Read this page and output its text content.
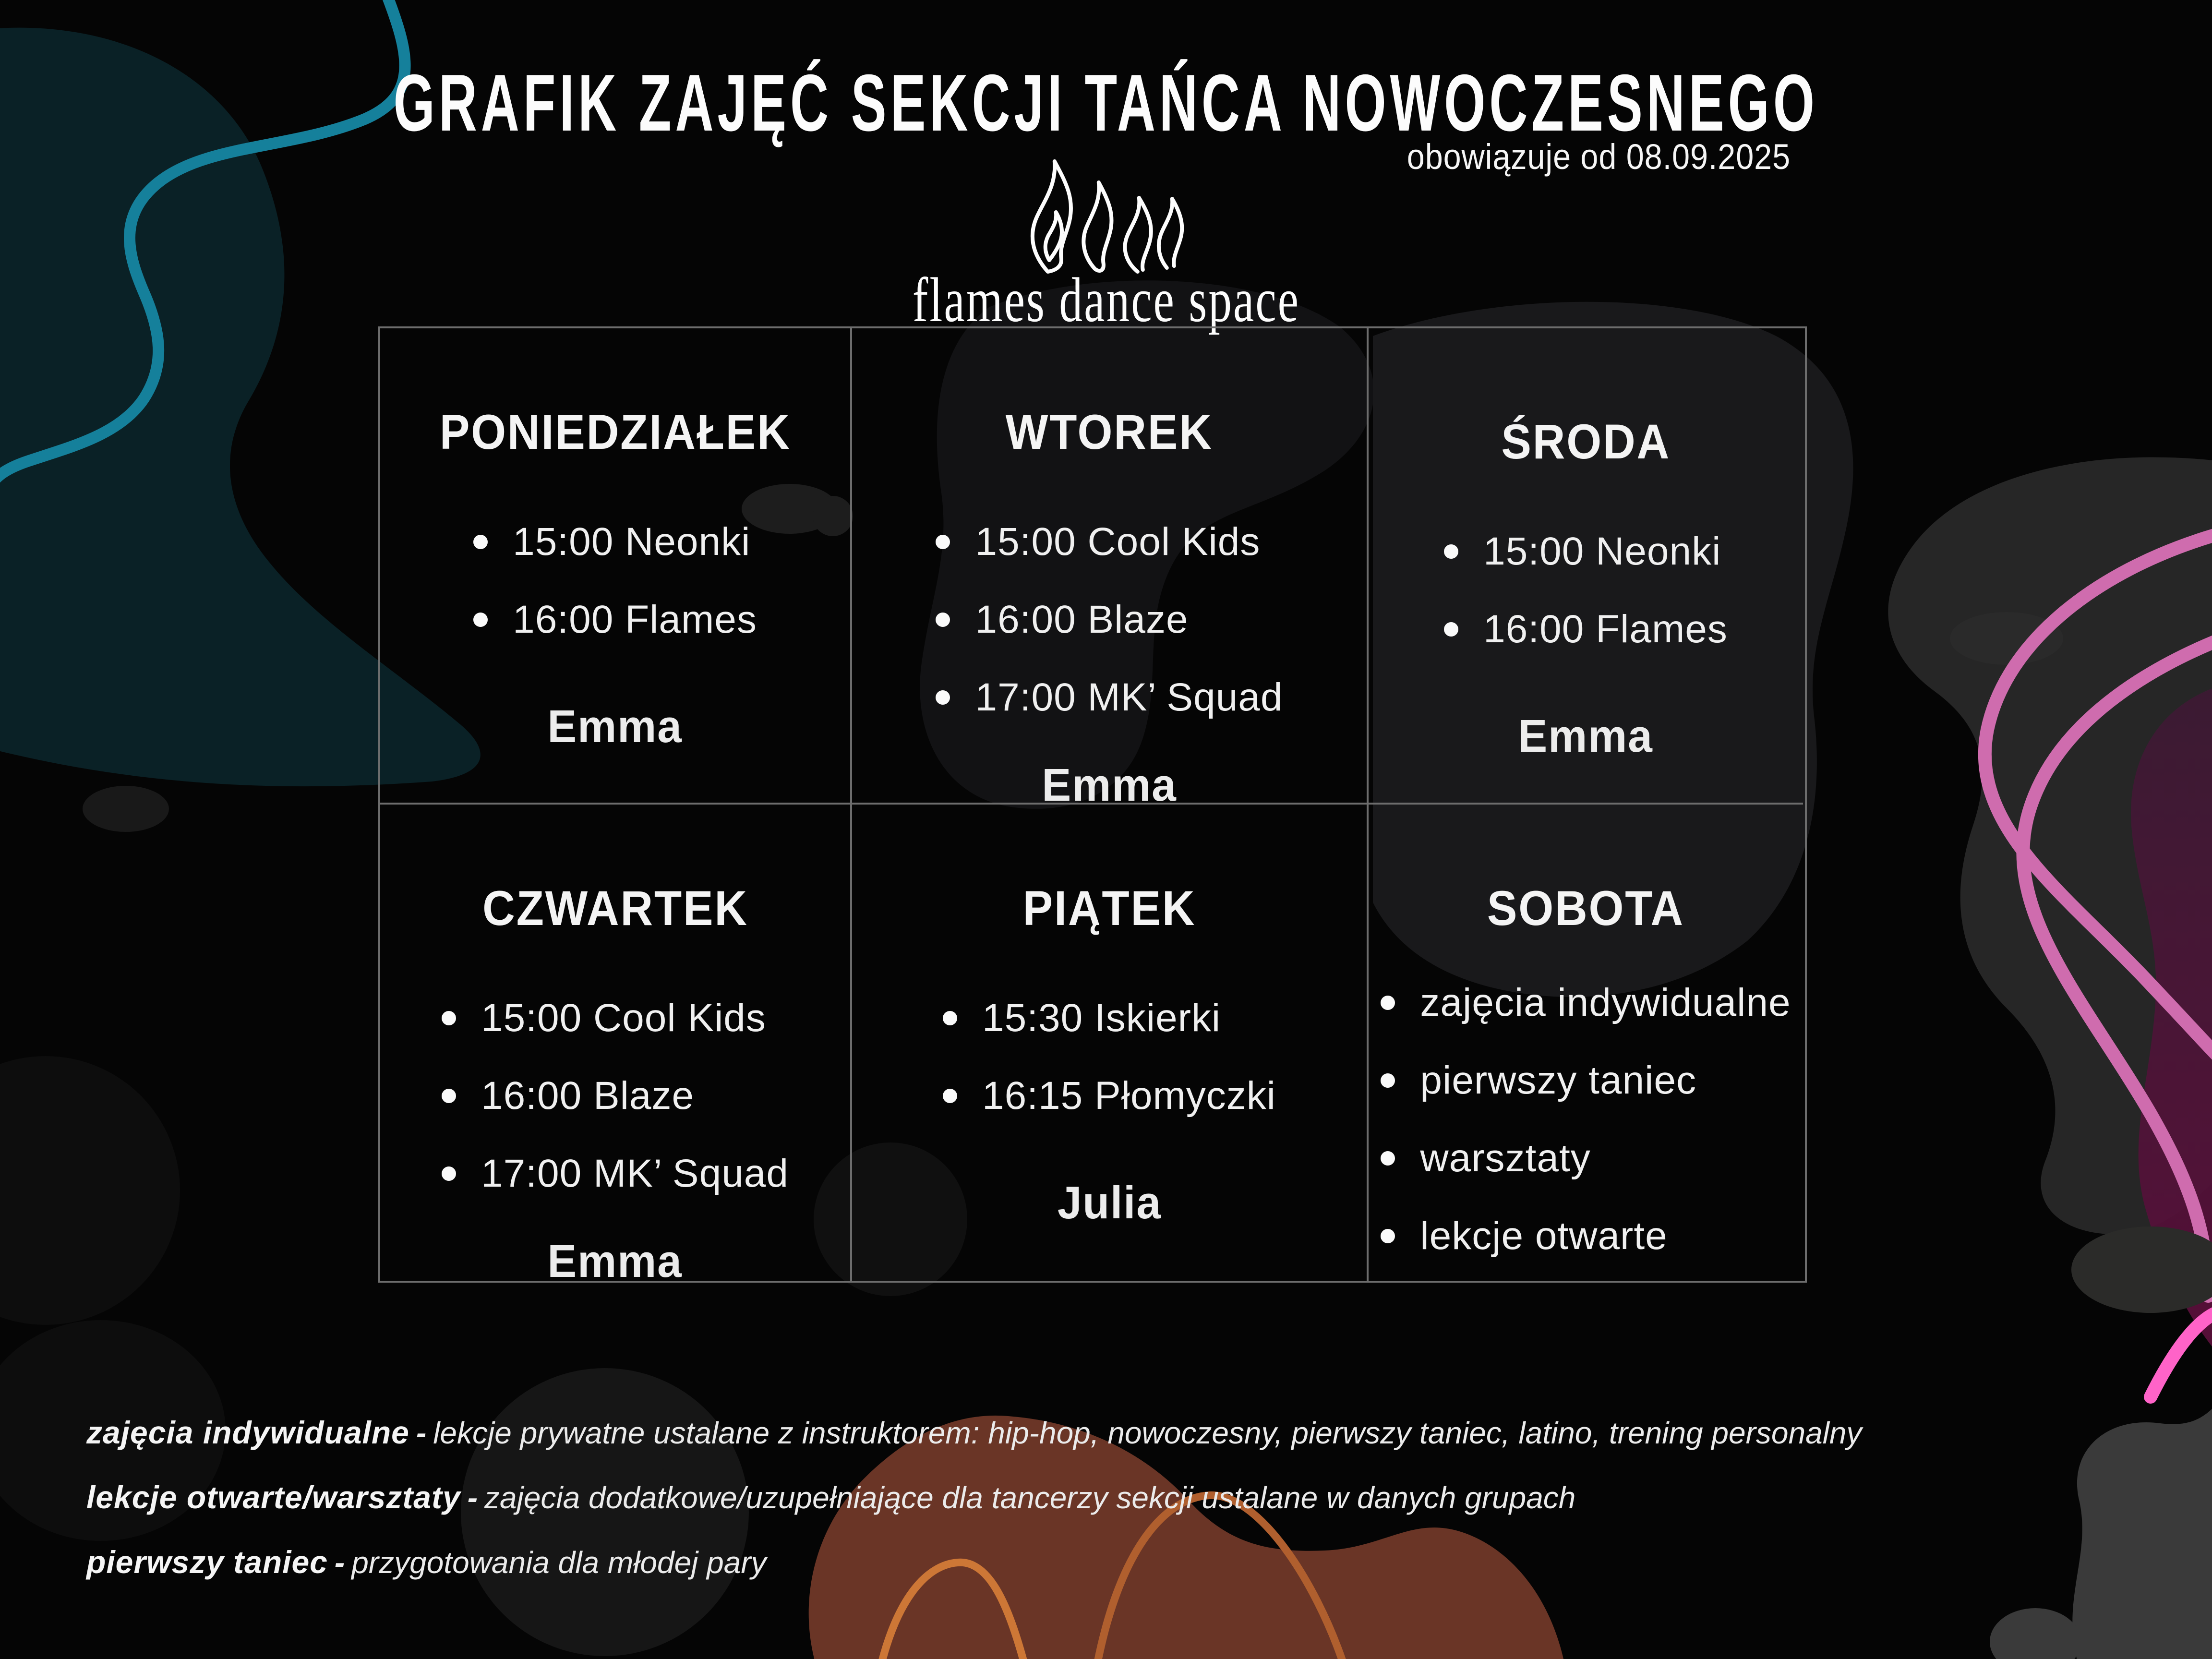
GRAFIK ZAJĘĆ SEKCJI TAŃCA NOWOCZESNEGO
obowiązuje od 08.09.2025
flames dance space
PONIEDZIAŁEK
15:00 Neonki
16:00 Flames
Emma
WTOREK
15:00 Cool Kids
16:00 Blaze
17:00 MK’ Squad
Emma
ŚRODA
15:00 Neonki
16:00 Flames
Emma
CZWARTEK
15:00 Cool Kids
16:00 Blaze
17:00 MK’ Squad
Emma
PIĄTEK
15:30 Iskierki
16:15 Płomyczki
Julia
SOBOTA
zajęcia indywidualne
pierwszy taniec
warsztaty
lekcje otwarte
zajęcia indywidualne - lekcje prywatne ustalane z instruktorem: hip-hop, nowoczesny, pierwszy taniec, latino, trening personalny
lekcje otwarte/warsztaty - zajęcia dodatkowe/uzupełniające dla tancerzy sekcji ustalane w danych grupach
pierwszy taniec - przygotowania dla młodej pary
